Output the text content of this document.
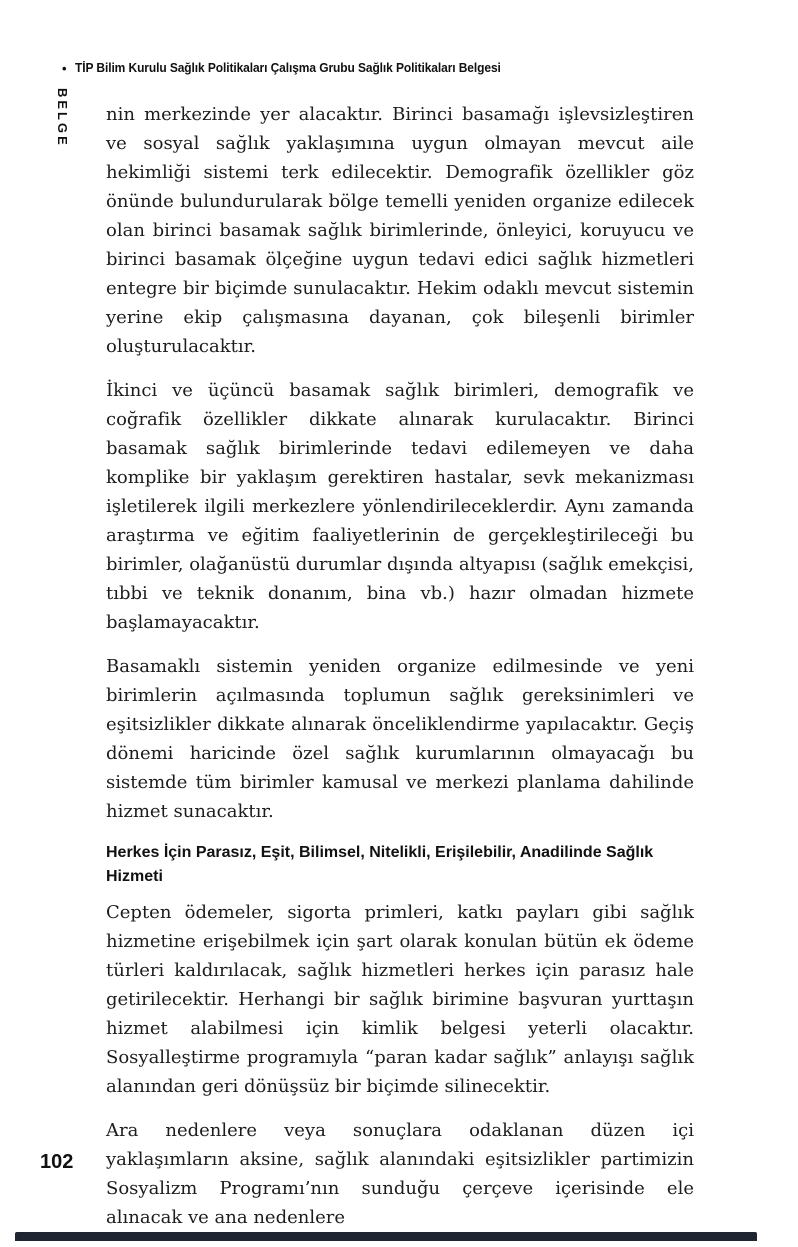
• TİP Bilim Kurulu Sağlık Politikaları Çalışma Grubu Sağlık Politikaları Belgesi
BELGE nin merkezinde yer alacaktır. Birinci basamağı işlevsizleştiren ve sosyal sağlık yaklaşımına uygun olmayan mevcut aile hekimliği sistemi terk edilecektir. Demografik özellikler göz önünde bulundurularak bölge temelli yeniden organize edilecek olan birinci basamak sağlık birimlerinde, önleyici, koruyucu ve birinci basamak ölçeğine uygun tedavi edici sağlık hizmetleri entegre bir biçimde sunulacaktır. Hekim odaklı mevcut sistemin yerine ekip çalışmasına dayanan, çok bileşenli birimler oluşturulacaktır.

İkinci ve üçüncü basamak sağlık birimleri, demografik ve coğrafik özellikler dikkate alınarak kurulacaktır. Birinci basamak sağlık birimlerinde tedavi edilemeyen ve daha komplike bir yaklaşım gerektiren hastalar, sevk mekanizması işletilerek ilgili merkezlere yönlendirileceklerdir. Aynı zamanda araştırma ve eğitim faaliyetlerinin de gerçekleştirileceği bu birimler, olağanüstü durumlar dışında altyapısı (sağlık emekçisi, tıbbi ve teknik donanım, bina vb.) hazır olmadan hizmete başlamayacaktır.

Basamaklı sistemin yeniden organize edilmesinde ve yeni birimlerin açılmasında toplumun sağlık gereksinimleri ve eşitsizlikler dikkate alınarak önceliklendirme yapılacaktır. Geçiş dönemi haricinde özel sağlık kurumlarının olmayacağı bu sistemde tüm birimler kamusal ve merkezi planlama dahilinde hizmet sunacaktır.

Herkes İçin Parasız, Eşit, Bilimsel, Nitelikli, Erişilebilir, Anadilinde Sağlık Hizmeti

Cepten ödemeler, sigorta primleri, katkı payları gibi sağlık hizmetine erişebilmek için şart olarak konulan bütün ek ödeme türleri kaldırılacak, sağlık hizmetleri herkes için parasız hale getirilecektir. Herhangi bir sağlık birimine başvuran yurttaşın hizmet alabilmesi için kimlik belgesi yeterli olacaktır. Sosyalleştirme programıyla “paran kadar sağlık” anlayışı sağlık alanından geri dönüşsüz bir biçimde silinecektir.

Ara nedenlere veya sonuçlara odaklanan düzen içi yaklaşımların aksine, sağlık alanındaki eşitsizlikler partimizin Sosyalizm Programı’nın sunduğu çerçeve içerisinde ele alınacak ve ana nedenlere

102
